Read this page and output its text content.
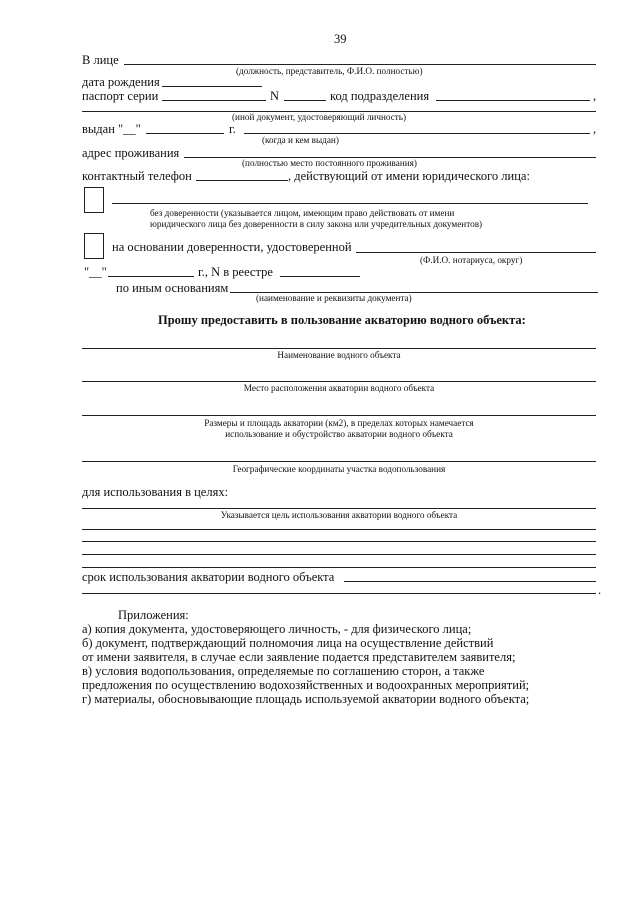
39
В лице
(должность, представитель, Ф.И.О. полностью)
дата рождения
паспорт серии	N	код подразделения	,
(иной документ, удостоверяющий личность)
выдан "__"	г.	,
(когда и кем выдан)
адрес проживания
(полностью место постоянного проживания)
контактный телефон	, действующий от имени юридического лица:
без доверенности (указывается лицом, имеющим право действовать от имени
юридического лица без доверенности в силу закона или учредительных документов)
на основании доверенности, удостоверенной
(Ф.И.О. нотариуса, округ)
"__"	г., N в реестре
по иным основаниям
(наименование и реквизиты документа)
Прошу предоставить в пользование акваторию водного объекта:
Наименование водного объекта
Место расположения акватории водного объекта
Размеры и площадь акватории (км2), в пределах которых намечается
использование и обустройство акватории водного объекта
Географические координаты участка водопользования
для использования в целях:
Указывается цель использования акватории водного объекта
срок использования акватории водного объекта
.
Приложения:
а) копия документа, удостоверяющего личность, - для физического лица;
б) документ, подтверждающий полномочия лица на осуществление действий
от имени заявителя, в случае если заявление подается представителем заявителя;
в) условия водопользования, определяемые по соглашению сторон, а также
предложения по осуществлению водохозяйственных и водоохранных мероприятий;
г) материалы, обосновывающие площадь используемой акватории водного объекта;
